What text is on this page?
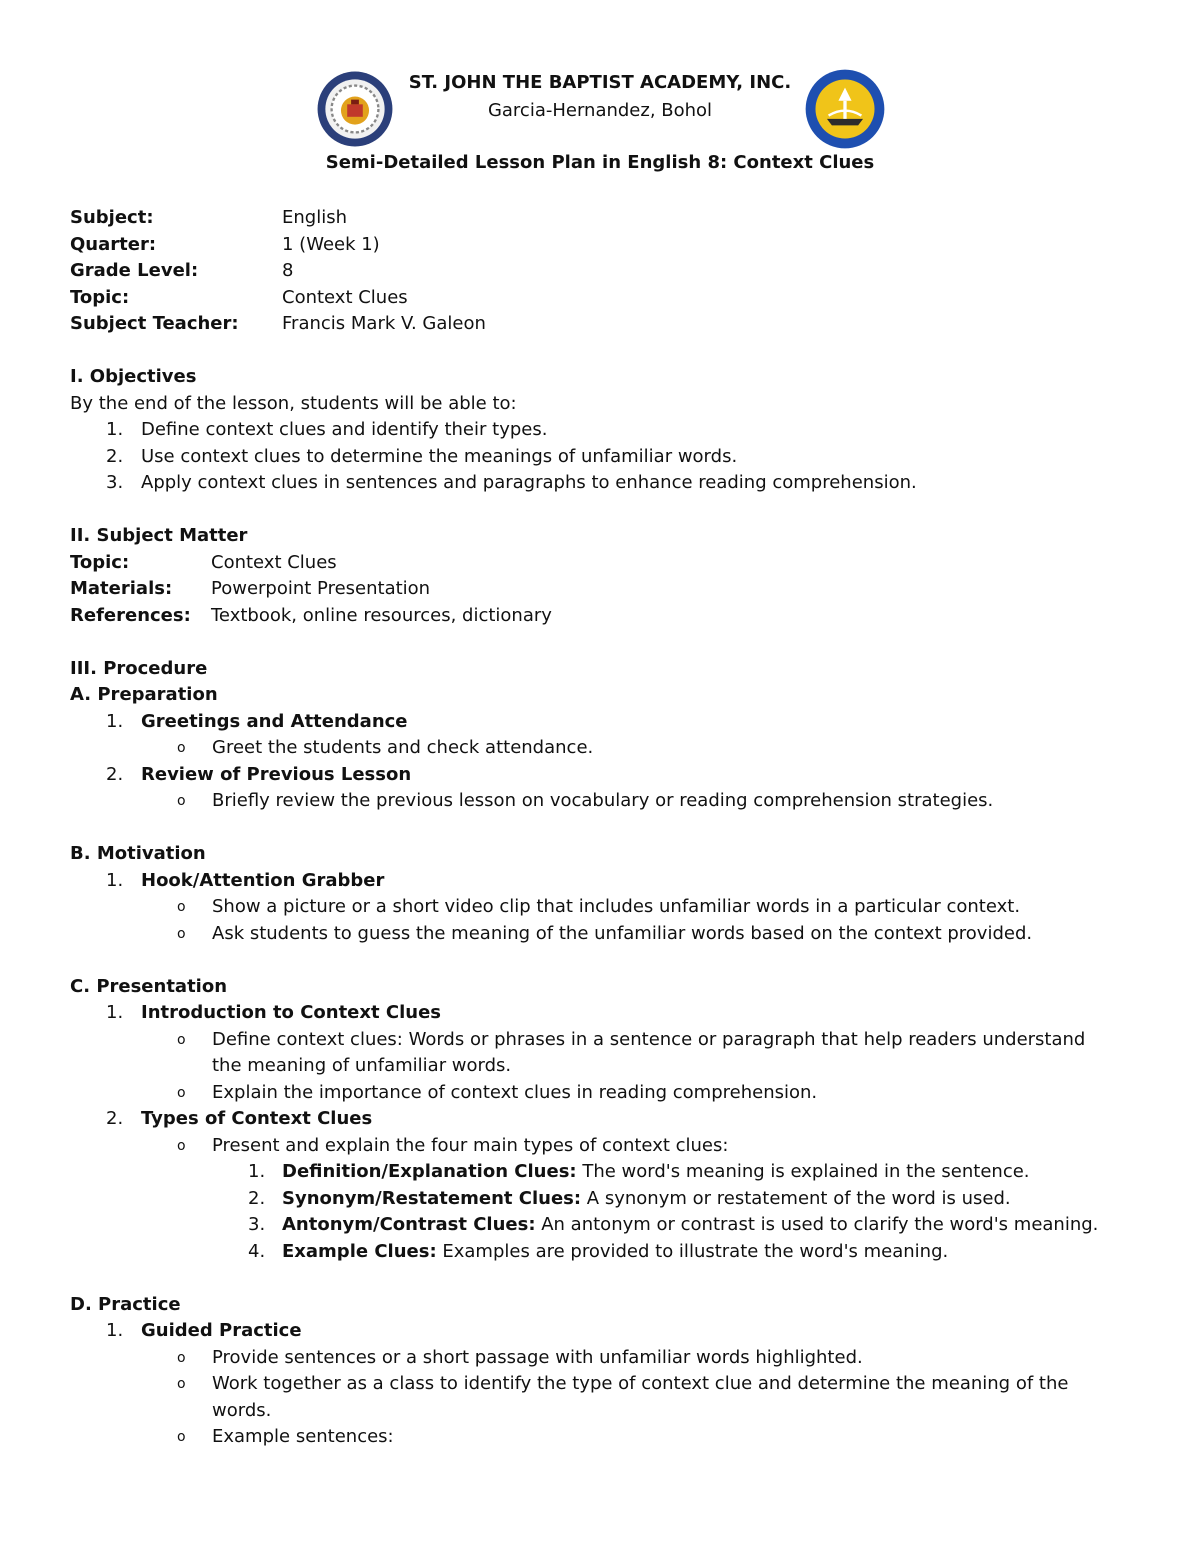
ST. JOHN THE BAPTIST ACADEMY, INC.
Garcia-Hernandez, Bohol
Semi-Detailed Lesson Plan in English 8: Context Clues
Subject:	English
Quarter:	1 (Week 1)
Grade Level:	8
Topic:	Context Clues
Subject Teacher: Francis Mark V. Galeon
I. Objectives
By the end of the lesson, students will be able to:
1. Define context clues and identify their types.
2. Use context clues to determine the meanings of unfamiliar words.
3. Apply context clues in sentences and paragraphs to enhance reading comprehension.
II. Subject Matter
Topic:	Context Clues
Materials: Powerpoint Presentation
References: Textbook, online resources, dictionary
III. Procedure
A. Preparation
1. Greetings and Attendance
o Greet the students and check attendance.
2. Review of Previous Lesson
o Briefly review the previous lesson on vocabulary or reading comprehension strategies.
B. Motivation
1. Hook/Attention Grabber
o Show a picture or a short video clip that includes unfamiliar words in a particular context.
o Ask students to guess the meaning of the unfamiliar words based on the context provided.
C. Presentation
1. Introduction to Context Clues
o Define context clues: Words or phrases in a sentence or paragraph that help readers understand
the meaning of unfamiliar words.
o Explain the importance of context clues in reading comprehension.
2. Types of Context Clues
o Present and explain the four main types of context clues:
1. Definition/Explanation Clues: The word's meaning is explained in the sentence.
2. Synonym/Restatement Clues: A synonym or restatement of the word is used.
3. Antonym/Contrast Clues: An antonym or contrast is used to clarify the word's meaning.
4. Example Clues: Examples are provided to illustrate the word's meaning.
D. Practice
1. Guided Practice
o Provide sentences or a short passage with unfamiliar words highlighted.
o Work together as a class to identify the type of context clue and determine the meaning of the
words.
o Example sentences:
